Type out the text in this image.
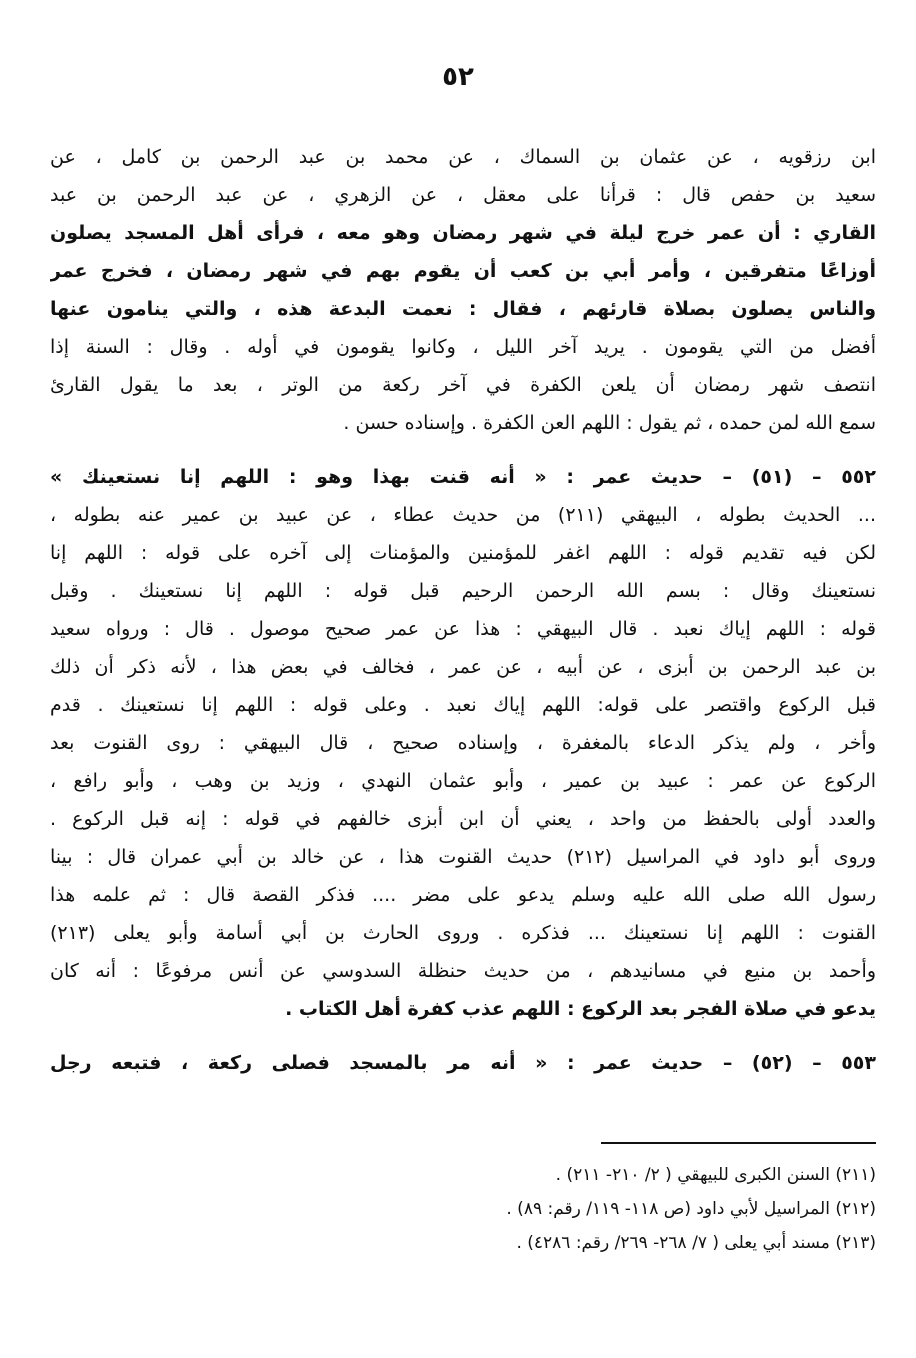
٥٢
ابن رزقويه ، عن عثمان بن السماك ، عن محمد بن عبد الرحمن بن كامل ، عن
سعيد بن حفص قال : قرأنا على معقل ، عن الزهري ، عن عبد الرحمن بن عبد
القاري : أن عمر خرج ليلة في شهر رمضان وهو معه ، فرأى أهل المسجد يصلون
أوزاعًا متفرقين ، وأمر أبي بن كعب أن يقوم بهم في شهر رمضان ، فخرج عمر
والناس يصلون بصلاة قارئهم ، فقال : نعمت البدعة هذه ، والتي ينامون عنها
أفضل من التي يقومون . يريد آخر الليل ، وكانوا يقومون في أوله . وقال : السنة إذا
انتصف شهر رمضان أن يلعن الكفرة في آخر ركعة من الوتر ، بعد ما يقول القارئ
سمع الله لمن حمده ، ثم يقول : اللهم العن الكفرة . وإسناده حسن .
٥٥٢ – (٥١) – حديث عمر : « أنه قنت بهذا وهو : اللهم إنا نستعينك »
... الحديث بطوله ، البيهقي (٢١١) من حديث عطاء ، عن عبيد بن عمير عنه بطوله ،
لكن فيه تقديم قوله : اللهم اغفر للمؤمنين والمؤمنات إلى آخره على قوله : اللهم إنا
نستعينك وقال : بسم الله الرحمن الرحيم قبل قوله : اللهم إنا نستعينك . وقبل
قوله : اللهم إياك نعبد . قال البيهقي : هذا عن عمر صحيح موصول . قال : ورواه سعيد
بن عبد الرحمن بن أبزى ، عن أبيه ، عن عمر ، فخالف في بعض هذا ، لأنه ذكر أن ذلك
قبل الركوع واقتصر على قوله: اللهم إياك نعبد . وعلى قوله : اللهم إنا نستعينك . قدم
وأخر ، ولم يذكر الدعاء بالمغفرة ، وإسناده صحيح ، قال البيهقي : روى القنوت بعد
الركوع عن عمر : عبيد بن عمير ، وأبو عثمان النهدي ، وزيد بن وهب ، وأبو رافع ،
والعدد أولى بالحفظ من واحد ، يعني أن ابن أبزى خالفهم في قوله : إنه قبل الركوع .
وروى أبو داود في المراسيل (٢١٢) حديث القنوت هذا ، عن خالد بن أبي عمران قال : بينا
رسول الله صلى الله عليه وسلم يدعو على مضر .... فذكر القصة قال : ثم علمه هذا
القنوت : اللهم إنا نستعينك ... فذكره . وروى الحارث بن أبي أسامة وأبو يعلى (٢١٣)
وأحمد بن منيع في مسانيدهم ، من حديث حنظلة السدوسي عن أنس مرفوعًا : أنه كان
يدعو في صلاة الفجر بعد الركوع : اللهم عذب كفرة أهل الكتاب .
٥٥٣ – (٥٢) – حديث عمر : « أنه مر بالمسجد فصلى ركعة ، فتبعه رجل
(٢١١) السنن الكبرى للبيهقي ( ٢/ ٢١٠- ٢١١) .
(٢١٢) المراسيل لأبي داود (ص ١١٨- ١١٩/ رقم: ٨٩) .
(٢١٣) مسند أبي يعلى ( ٧/ ٢٦٨- ٢٦٩/ رقم: ٤٢٨٦) .
